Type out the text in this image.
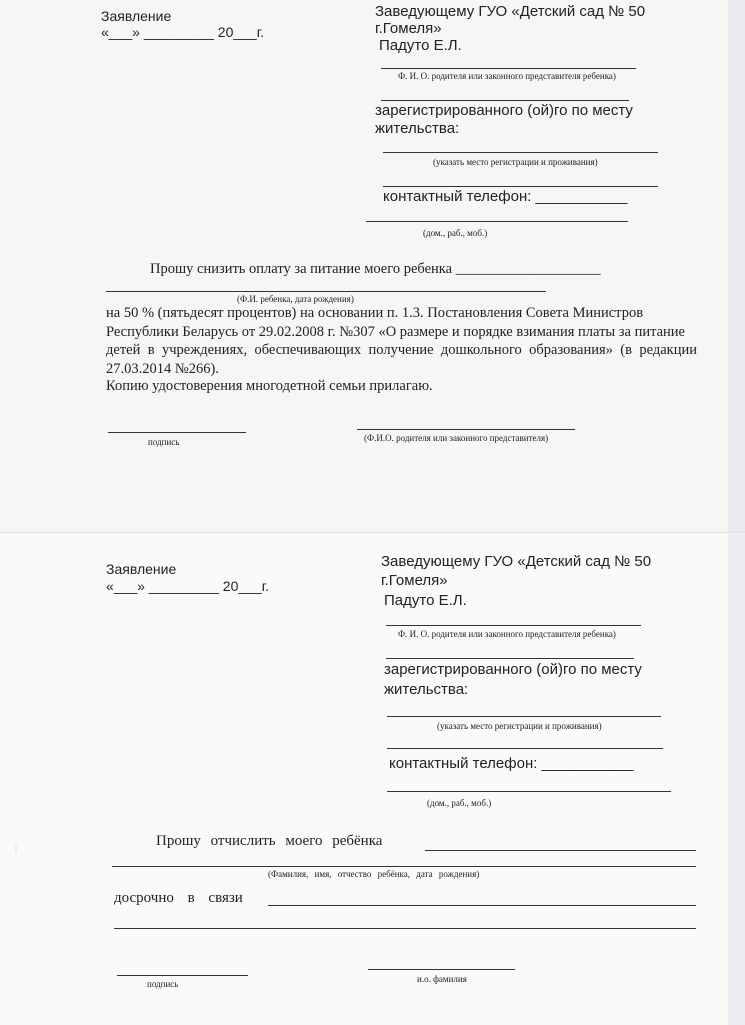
Заявление
«___» _________ 20___г.
Заведующему ГУО «Детский сад № 50
г.Гомеля»
Падуто Е.Л.
Ф. И. О. родителя или законного представителя ребенка)
зарегистрированного (ой)го по месту
жительства:
(указать место регистрации и проживания)
контактный телефон: ___________
(дом., раб., моб.)
Прошу снизить оплату за питание моего ребенка ____________________
(Ф.И. ребенка, дата рождения)
на 50 % (пятьдесят процентов) на основании п. 1.3. Постановления Совета Министров
Республики Беларусь от 29.02.2008 г. №307 «О размере и порядке взимания платы за питание
детей в учреждениях, обеспечивающих получение дошкольного образования» (в редакции
27.03.2014 №266).
Копию удостоверения многодетной семьи прилагаю.
подпись	(Ф.И.О. родителя или законного представителя)
Заявление
«___» _________ 20___г.
Заведующему ГУО «Детский сад № 50
г.Гомеля»
Падуто Е.Л.
Ф. И. О. родителя или законного представителя ребенка)
зарегистрированного (ой)го по месту
жительства:
(указать место регистрации и проживания)
контактный телефон: ___________
(дом., раб., моб.)
Прошу отчислить моего ребёнка
(Фамилия, имя, отчество ребёнка, дата рождения)
досрочно в связи
подпись	и.о. фамилия
⋮
